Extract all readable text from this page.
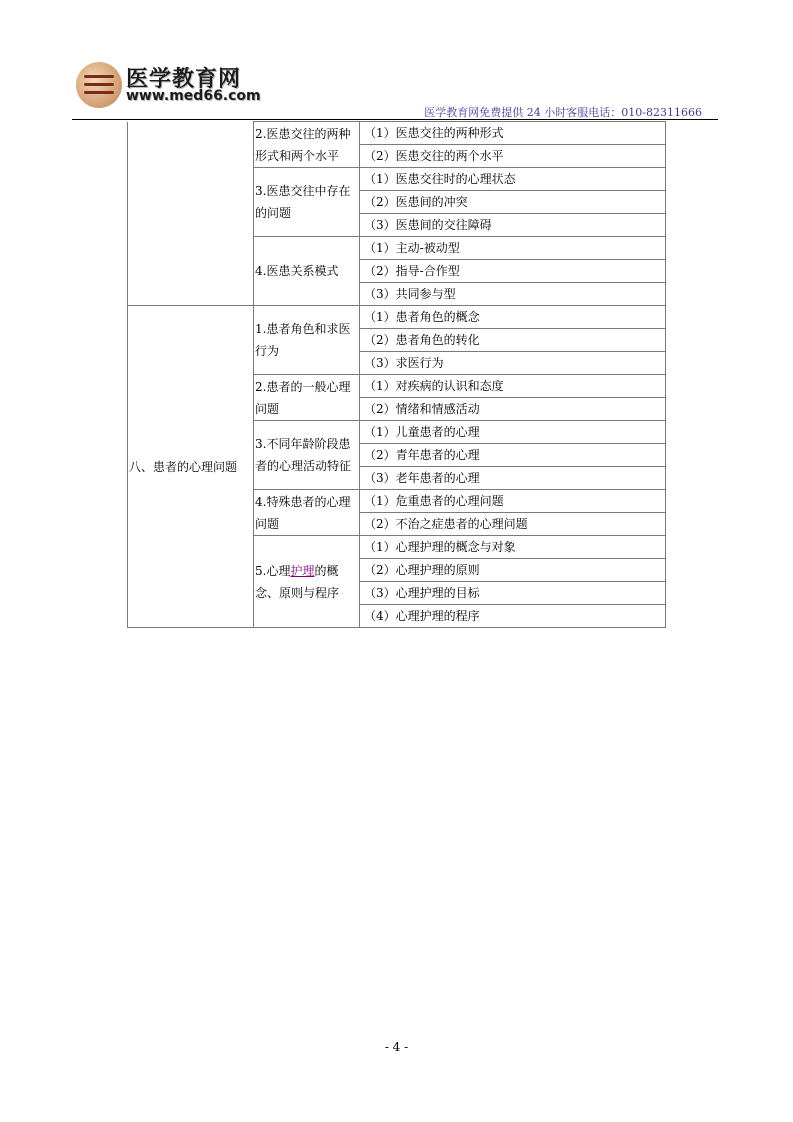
医学教育网
www.med66.com
医学教育网免费提供 24 小时客服电话：010-82311666
	2.医患交往的两种形式和两个水平	（1）医患交往的两种形式
		（2）医患交往的两个水平
	3.医患交往中存在的问题	（1）医患交往时的心理状态
		（2）医患间的冲突
		（3）医患间的交往障碍
	4.医患关系模式	（1）主动-被动型
		（2）指导-合作型
		（3）共同参与型
八、患者的心理问题	1.患者角色和求医行为	（1）患者角色的概念
		（2）患者角色的转化
		（3）求医行为
	2.患者的一般心理问题	（1）对疾病的认识和态度
		（2）情绪和情感活动
	3.不同年龄阶段患者的心理活动特征	（1）儿童患者的心理
		（2）青年患者的心理
		（3）老年患者的心理
	4.特殊患者的心理问题	（1）危重患者的心理问题
		（2）不治之症患者的心理问题
	5.心理护理的概念、原则与程序	（1）心理护理的概念与对象
		（2）心理护理的原则
		（3）心理护理的目标
		（4）心理护理的程序
- 4 -
